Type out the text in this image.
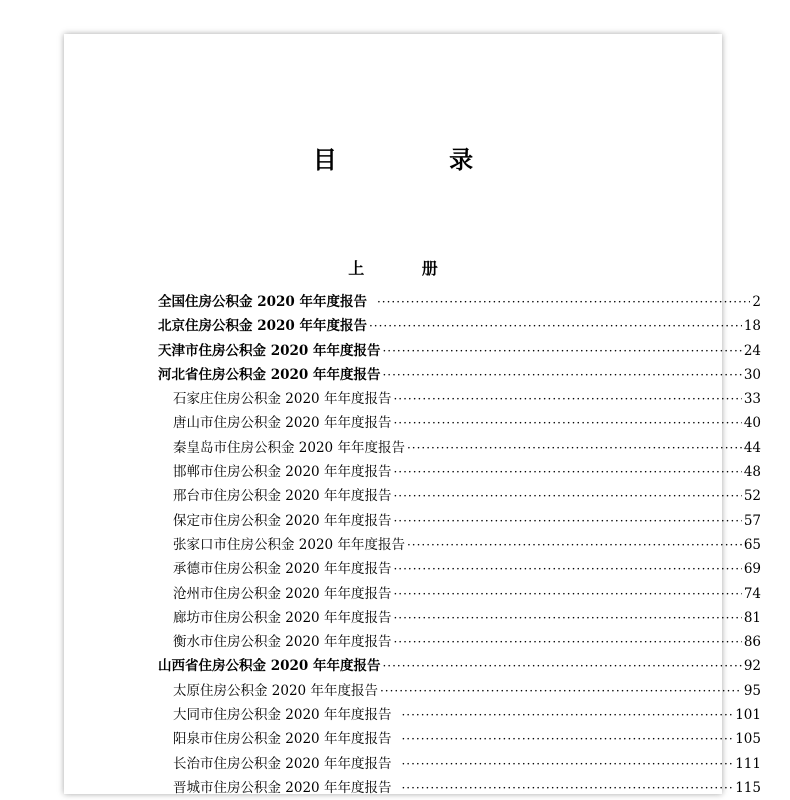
目 录
上 册
全国住房公积金 2020 年年度报告 ·····	2
北京住房公积金 2020 年年度报告 ·····	18
天津市住房公积金 2020 年年度报告 ·····	24
河北省住房公积金 2020 年年度报告 ·····	30
石家庄住房公积金 2020 年年度报告 ·····	33
唐山市住房公积金 2020 年年度报告 ·····	40
秦皇岛市住房公积金 2020 年年度报告 ·····	44
邯郸市住房公积金 2020 年年度报告 ·····	48
邢台市住房公积金 2020 年年度报告 ·····	52
保定市住房公积金 2020 年年度报告 ·····	57
张家口市住房公积金 2020 年年度报告 ·····	65
承德市住房公积金 2020 年年度报告 ·····	69
沧州市住房公积金 2020 年年度报告 ·····	74
廊坊市住房公积金 2020 年年度报告 ·····	81
衡水市住房公积金 2020 年年度报告 ·····	86
山西省住房公积金 2020 年年度报告 ·····	92
太原住房公积金 2020 年年度报告 ·····	95
大同市住房公积金 2020 年年度报告 ·····	101
阳泉市住房公积金 2020 年年度报告 ·····	105
长治市住房公积金 2020 年年度报告 ·····	111
晋城市住房公积金 2020 年年度报告 ·····	115
